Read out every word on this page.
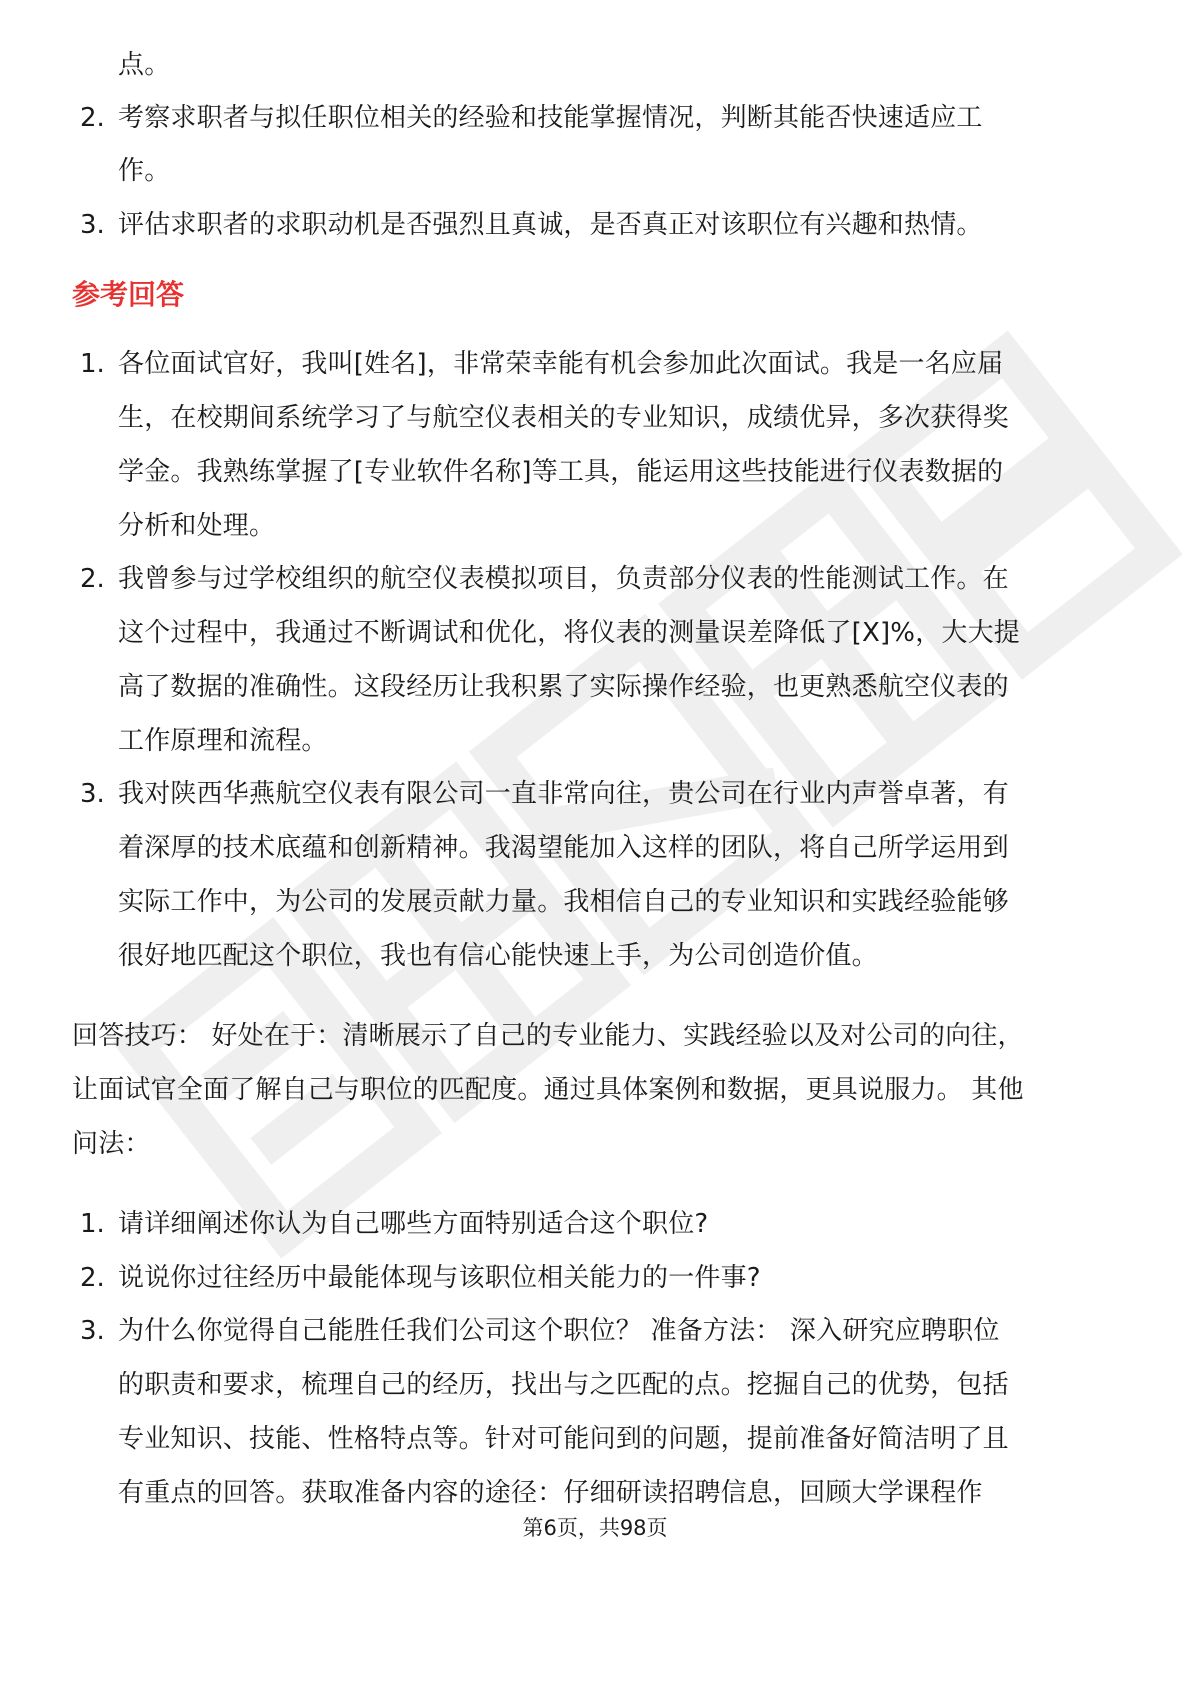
点。
2. 考察求职者与拟任职位相关的经验和技能掌握情况，判断其能否快速适应工
作。
3. 评估求职者的求职动机是否强烈且真诚，是否真正对该职位有兴趣和热情。
参考回答
1. 各位面试官好，我叫[姓名]，非常荣幸能有机会参加此次面试。我是一名应届
生，在校期间系统学习了与航空仪表相关的专业知识，成绩优异，多次获得奖
学金。我熟练掌握了[专业软件名称]等工具，能运用这些技能进行仪表数据的
分析和处理。
2. 我曾参与过学校组织的航空仪表模拟项目，负责部分仪表的性能测试工作。在
这个过程中，我通过不断调试和优化，将仪表的测量误差降低了[X]%，大大提
高了数据的准确性。这段经历让我积累了实际操作经验，也更熟悉航空仪表的
工作原理和流程。
3. 我对陕西华燕航空仪表有限公司一直非常向往，贵公司在行业内声誉卓著，有
着深厚的技术底蕴和创新精神。我渴望能加入这样的团队，将自己所学运用到
实际工作中，为公司的发展贡献力量。我相信自己的专业知识和实践经验能够
很好地匹配这个职位，我也有信心能快速上手，为公司创造价值。
回答技巧： 好处在于：清晰展示了自己的专业能力、实践经验以及对公司的向往，
让面试官全面了解自己与职位的匹配度。通过具体案例和数据，更具说服力。 其他
问法：
1. 请详细阐述你认为自己哪些方面特别适合这个职位?
2. 说说你过往经历中最能体现与该职位相关能力的一件事?
3. 为什么你觉得自己能胜任我们公司这个职位？ 准备方法： 深入研究应聘职位
的职责和要求，梳理自己的经历，找出与之匹配的点。挖掘自己的优势，包括
专业知识、技能、性格特点等。针对可能问到的问题，提前准备好简洁明了且
有重点的回答。获取准备内容的途径：仔细研读招聘信息，回顾大学课程作
第6页，共98页
